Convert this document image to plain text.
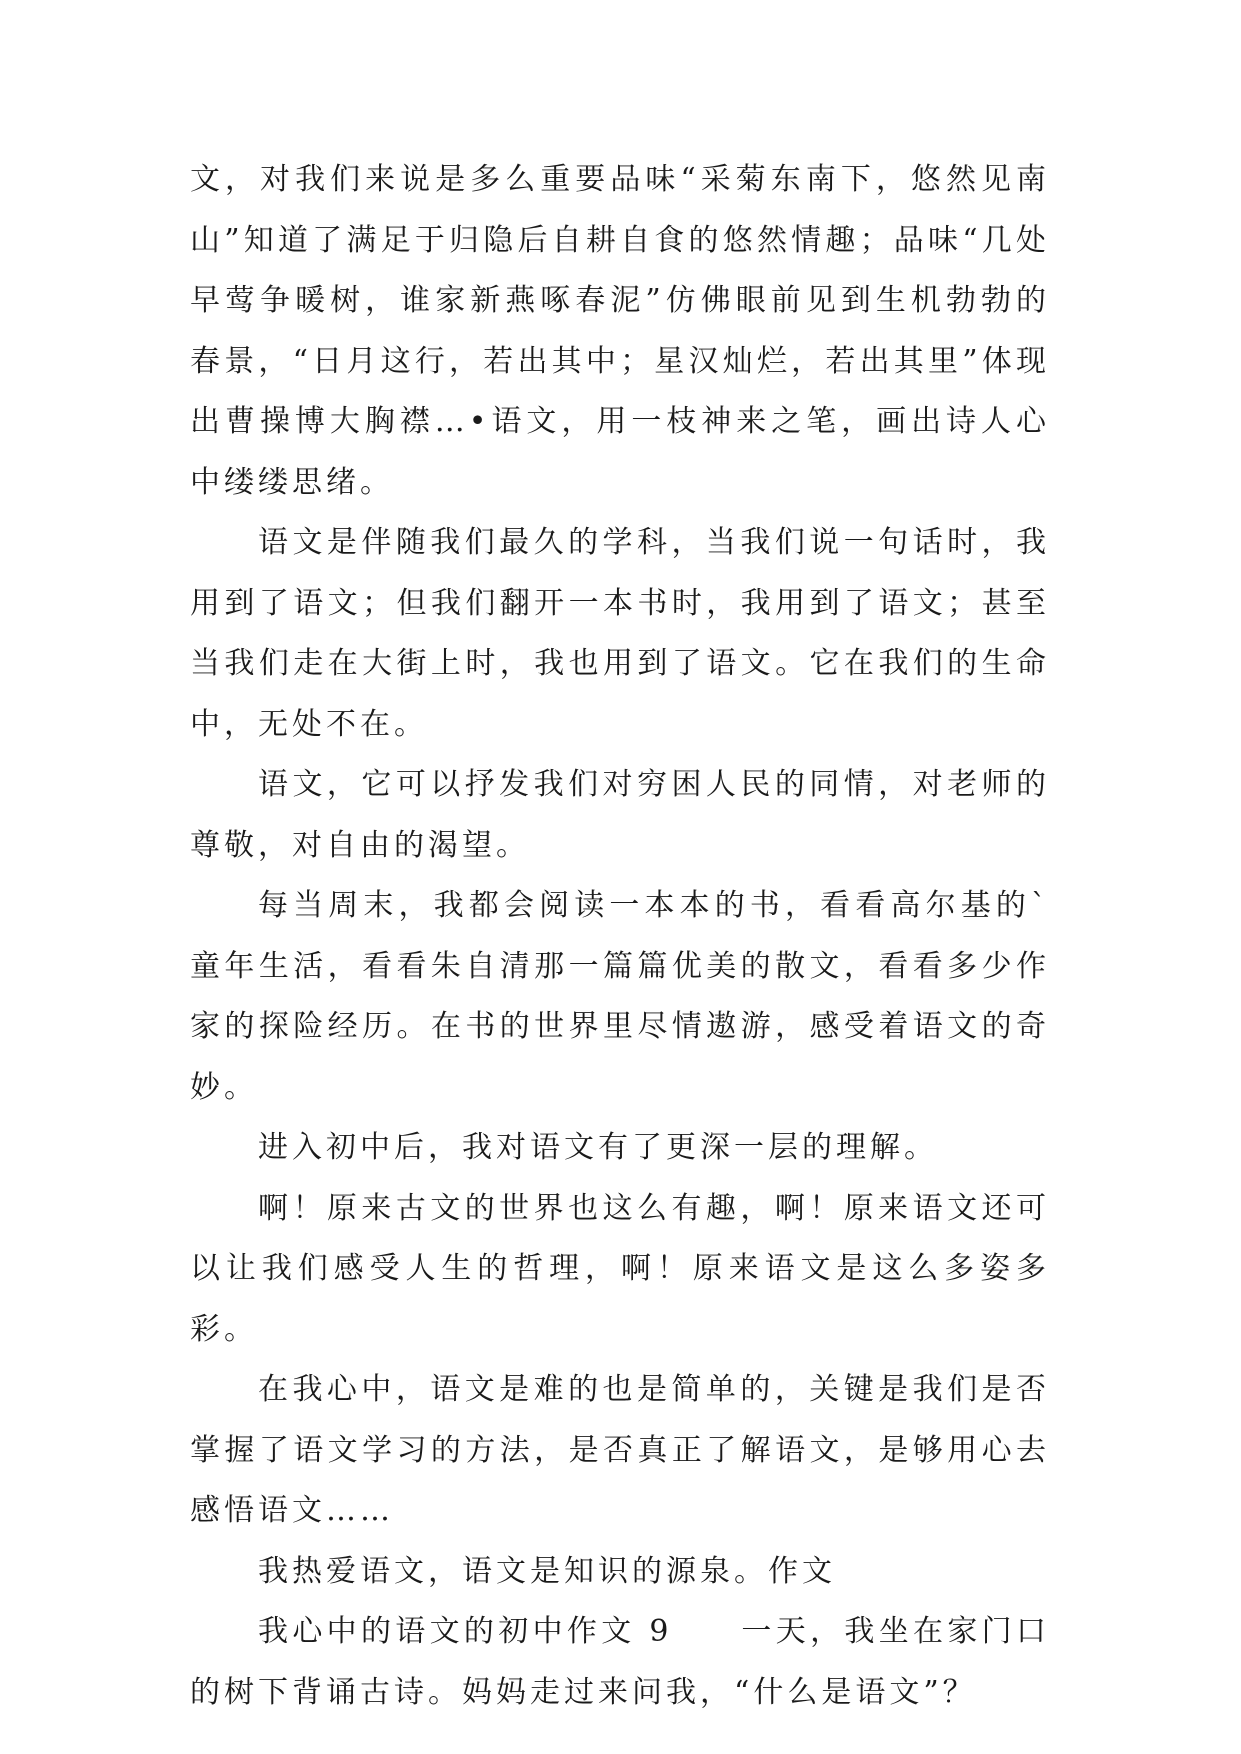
文，对我们来说是多么重要品味“采菊东南下，悠然见南山”知道了满足于归隐后自耕自食的悠然情趣；品味“几处早莺争暖树，谁家新燕啄春泥”仿佛眼前见到生机勃勃的春景，“日月这行，若出其中；星汉灿烂，若出其里”体现出曹操博大胸襟…•语文，用一枝神来之笔，画出诗人心中缕缕思绪。

语文是伴随我们最久的学科，当我们说一句话时，我用到了语文；但我们翻开一本书时，我用到了语文；甚至当我们走在大街上时，我也用到了语文。它在我们的生命中，无处不在。

语文，它可以抒发我们对穷困人民的同情，对老师的尊敬，对自由的渴望。

每当周末，我都会阅读一本本的书，看看高尔基的`童年生活，看看朱自清那一篇篇优美的散文，看看多少作家的探险经历。在书的世界里尽情遨游，感受着语文的奇妙。

进入初中后，我对语文有了更深一层的理解。

啊！原来古文的世界也这么有趣，啊！原来语文还可以让我们感受人生的哲理，啊！原来语文是这么多姿多彩。

在我心中，语文是难的也是简单的，关键是我们是否掌握了语文学习的方法，是否真正了解语文，是够用心去感悟语文……

我热爱语文，语文是知识的源泉。作文

我心中的语文的初中作文 9　　一天，我坐在家门口的树下背诵古诗。妈妈走过来问我，“什么是语文”？
